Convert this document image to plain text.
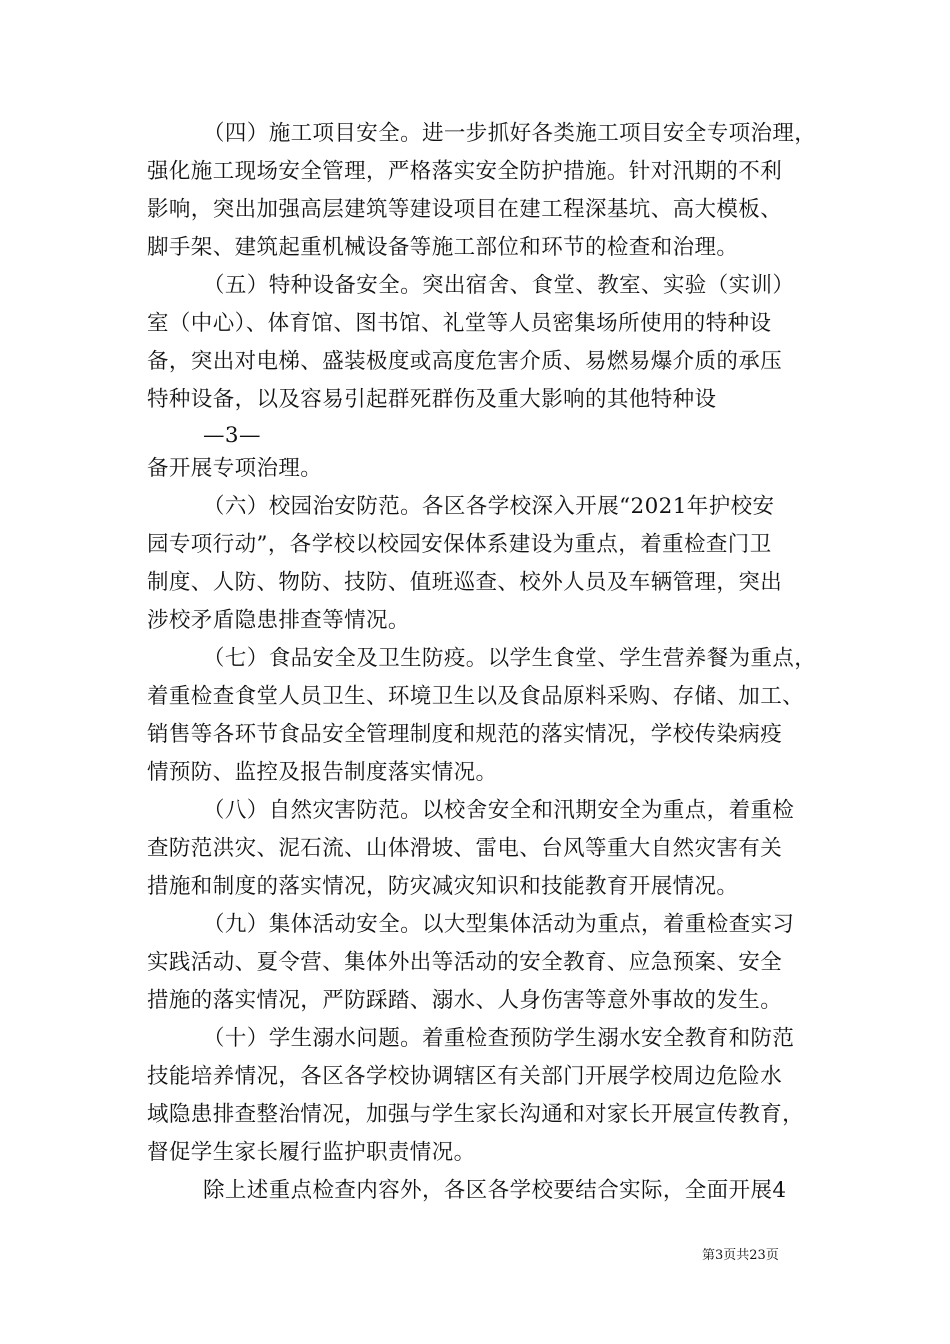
（四）施工项目安全。进一步抓好各类施工项目安全专项治理，
强化施工现场安全管理，严格落实安全防护措施。针对汛期的不利
影响，突出加强高层建筑等建设项目在建工程深基坑、高大模板、
脚手架、建筑起重机械设备等施工部位和环节的检查和治理。
（五）特种设备安全。突出宿舍、食堂、教室、实验（实训）
室（中心）、体育馆、图书馆、礼堂等人员密集场所使用的特种设
备，突出对电梯、盛装极度或高度危害介质、易燃易爆介质的承压
特种设备，以及容易引起群死群伤及重大影响的其他特种设
—3—
备开展专项治理。
（六）校园治安防范。各区各学校深入开展“2021年护校安
园专项行动”，各学校以校园安保体系建设为重点，着重检查门卫
制度、人防、物防、技防、值班巡查、校外人员及车辆管理，突出
涉校矛盾隐患排查等情况。
（七）食品安全及卫生防疫。以学生食堂、学生营养餐为重点，
着重检查食堂人员卫生、环境卫生以及食品原料采购、存储、加工、
销售等各环节食品安全管理制度和规范的落实情况，学校传染病疫
情预防、监控及报告制度落实情况。
（八）自然灾害防范。以校舍安全和汛期安全为重点，着重检
查防范洪灾、泥石流、山体滑坡、雷电、台风等重大自然灾害有关
措施和制度的落实情况，防灾减灾知识和技能教育开展情况。
（九）集体活动安全。以大型集体活动为重点，着重检查实习
实践活动、夏令营、集体外出等活动的安全教育、应急预案、安全
措施的落实情况，严防踩踏、溺水、人身伤害等意外事故的发生。
（十）学生溺水问题。着重检查预防学生溺水安全教育和防范
技能培养情况，各区各学校协调辖区有关部门开展学校周边危险水
域隐患排查整治情况，加强与学生家长沟通和对家长开展宣传教育，
督促学生家长履行监护职责情况。
除上述重点检查内容外，各区各学校要结合实际，全面开展4
第3页共23页
